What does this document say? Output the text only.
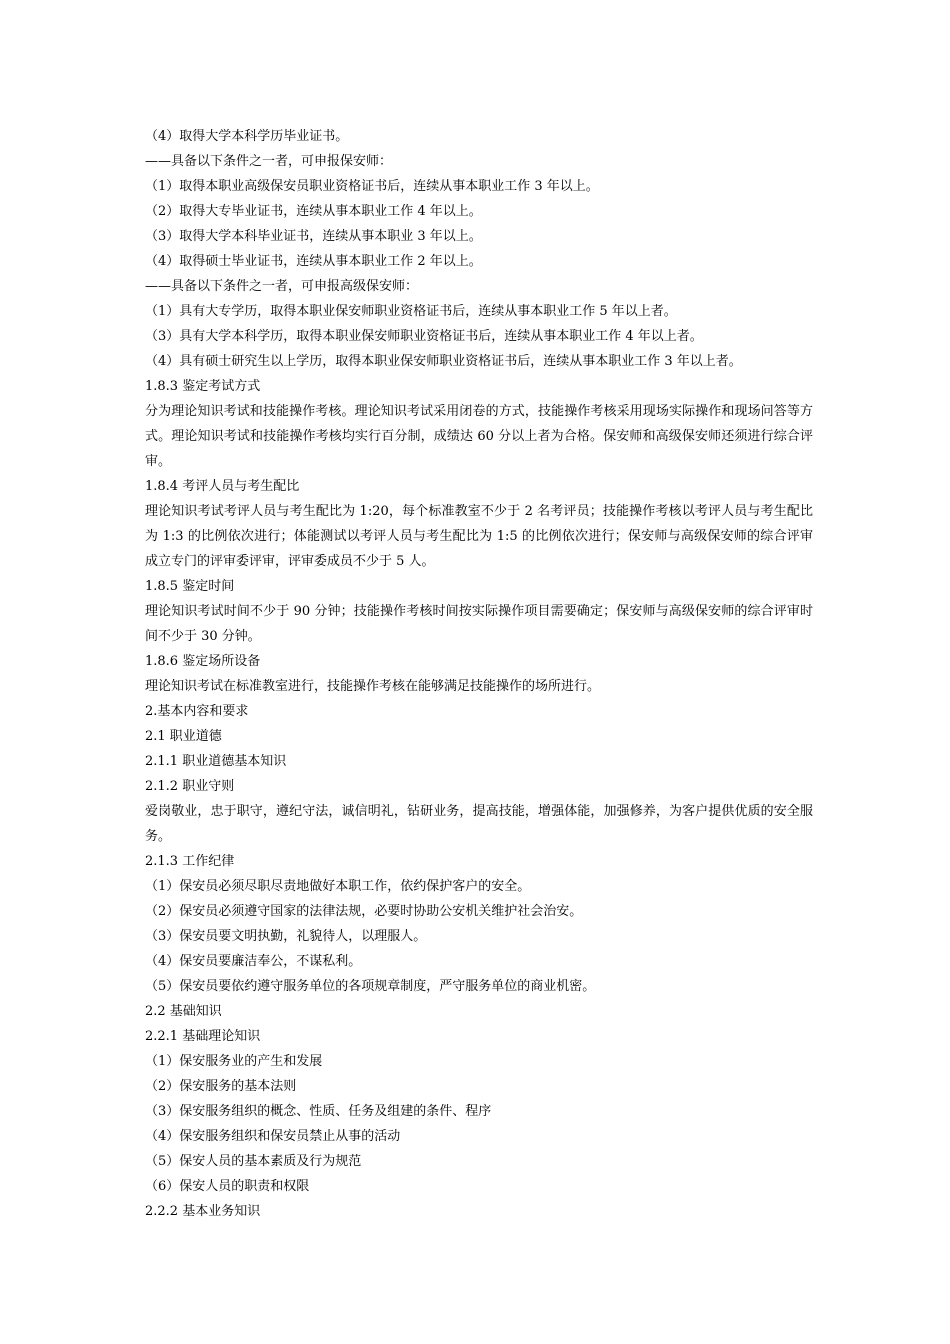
（4）取得大学本科学历毕业证书。
——具备以下条件之一者，可申报保安师：
（1）取得本职业高级保安员职业资格证书后，连续从事本职业工作 3 年以上。
（2）取得大专毕业证书，连续从事本职业工作 4 年以上。
（3）取得大学本科毕业证书，连续从事本职业 3 年以上。
（4）取得硕士毕业证书，连续从事本职业工作 2 年以上。
——具备以下条件之一者，可申报高级保安师：
（1）具有大专学历，取得本职业保安师职业资格证书后，连续从事本职业工作 5 年以上者。
（3）具有大学本科学历，取得本职业保安师职业资格证书后，连续从事本职业工作 4 年以上者。
（4）具有硕士研究生以上学历，取得本职业保安师职业资格证书后，连续从事本职业工作 3 年以上者。
1.8.3 鉴定考试方式
分为理论知识考试和技能操作考核。理论知识考试采用闭卷的方式，技能操作考核采用现场实际操作和现场问答等方式。理论知识考试和技能操作考核均实行百分制，成绩达 60 分以上者为合格。保安师和高级保安师还须进行综合评审。
1.8.4 考评人员与考生配比
理论知识考试考评人员与考生配比为 1:20，每个标准教室不少于 2 名考评员；技能操作考核以考评人员与考生配比为 1:3 的比例依次进行；体能测试以考评人员与考生配比为 1:5 的比例依次进行；保安师与高级保安师的综合评审成立专门的评审委评审，评审委成员不少于 5 人。
1.8.5 鉴定时间
理论知识考试时间不少于 90 分钟；技能操作考核时间按实际操作项目需要确定；保安师与高级保安师的综合评审时间不少于 30 分钟。
1.8.6 鉴定场所设备
理论知识考试在标准教室进行，技能操作考核在能够满足技能操作的场所进行。
2.基本内容和要求
2.1 职业道德
2.1.1 职业道德基本知识
2.1.2 职业守则
爱岗敬业，忠于职守，遵纪守法，诚信明礼，钻研业务，提高技能，增强体能，加强修养，为客户提供优质的安全服务。
2.1.3 工作纪律
（1）保安员必须尽职尽责地做好本职工作，依约保护客户的安全。
（2）保安员必须遵守国家的法律法规，必要时协助公安机关维护社会治安。
（3）保安员要文明执勤，礼貌待人，以理服人。
（4）保安员要廉洁奉公，不谋私利。
（5）保安员要依约遵守服务单位的各项规章制度，严守服务单位的商业机密。
2.2 基础知识
2.2.1 基础理论知识
（1）保安服务业的产生和发展
（2）保安服务的基本法则
（3）保安服务组织的概念、性质、任务及组建的条件、程序
（4）保安服务组织和保安员禁止从事的活动
（5）保安人员的基本素质及行为规范
（6）保安人员的职责和权限
2.2.2 基本业务知识
